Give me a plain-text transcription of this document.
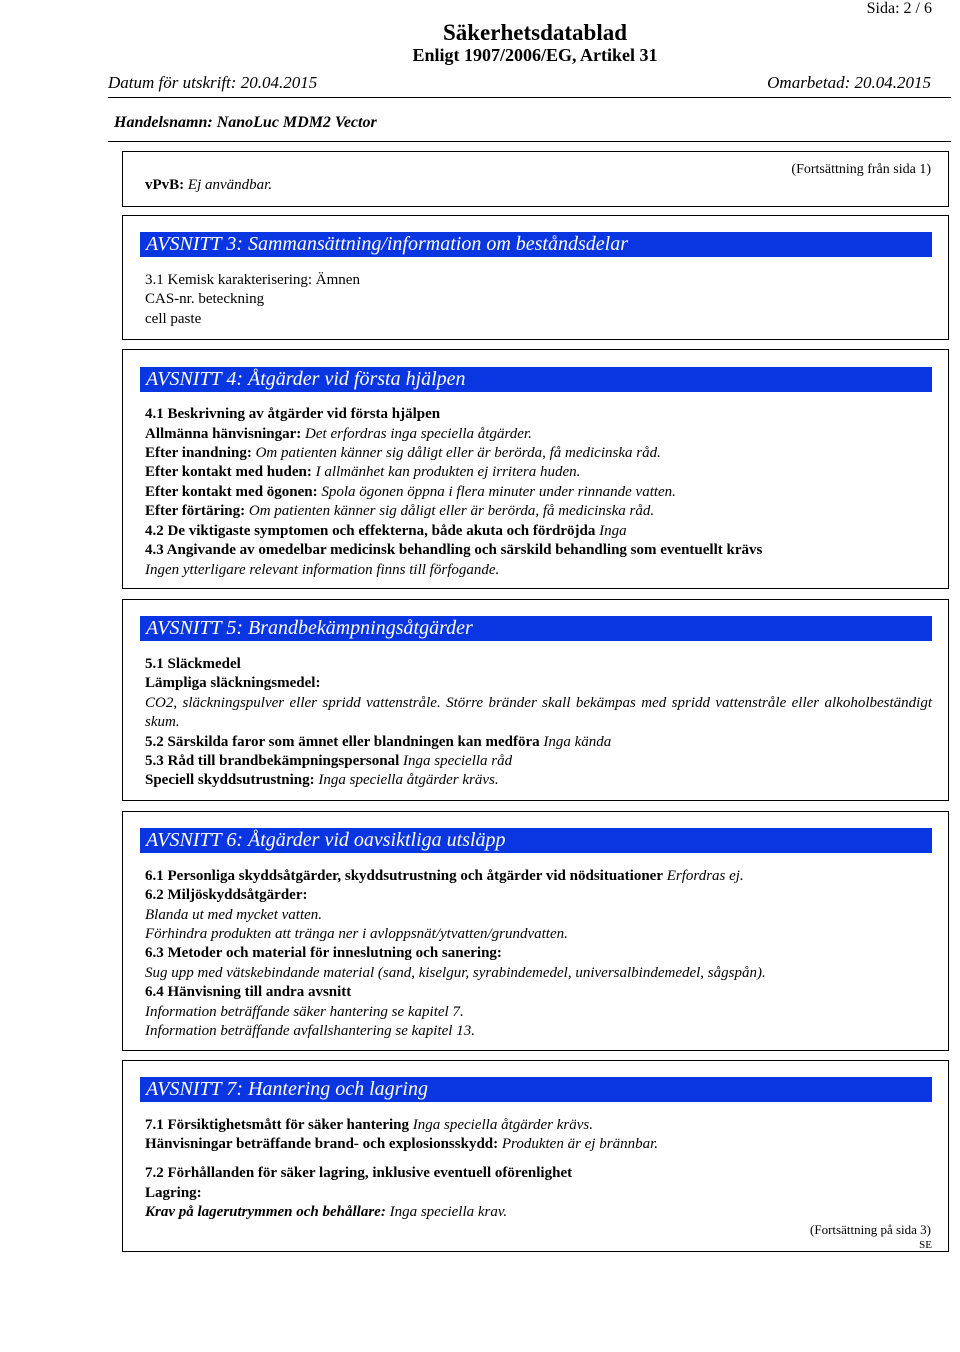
Sida: 2 / 6
Säkerhetsdatablad
Enligt 1907/2006/EG, Artikel 31
Datum för utskrift: 20.04.2015	Omarbetad: 20.04.2015
Handelsnamn: NanoLuc MDM2 Vector
(Fortsättning från sida 1)
vPvB: Ej användbar.
AVSNITT 3: Sammansättning/information om beståndsdelar
3.1 Kemisk karakterisering: Ämnen
CAS-nr. beteckning
cell paste
AVSNITT 4: Åtgärder vid första hjälpen
4.1 Beskrivning av åtgärder vid första hjälpen
Allmänna hänvisningar: Det erfordras inga speciella åtgärder.
Efter inandning: Om patienten känner sig dåligt eller är berörda, få medicinska råd.
Efter kontakt med huden: I allmänhet kan produkten ej irritera huden.
Efter kontakt med ögonen: Spola ögonen öppna i flera minuter under rinnande vatten.
Efter förtäring: Om patienten känner sig dåligt eller är berörda, få medicinska råd.
4.2 De viktigaste symptomen och effekterna, både akuta och fördröjda Inga
4.3 Angivande av omedelbar medicinsk behandling och särskild behandling som eventuellt krävs
Ingen ytterligare relevant information finns till förfogande.
AVSNITT 5: Brandbekämpningsåtgärder
5.1 Släckmedel
Lämpliga släckningsmedel:
CO2, släckningspulver eller spridd vattenstråle. Större bränder skall bekämpas med spridd vattenstråle eller alkoholbeständigt skum.
5.2 Särskilda faror som ämnet eller blandningen kan medföra Inga kända
5.3 Råd till brandbekämpningspersonal Inga speciella råd
Speciell skyddsutrustning: Inga speciella åtgärder krävs.
AVSNITT 6: Åtgärder vid oavsiktliga utsläpp
6.1 Personliga skyddsåtgärder, skyddsutrustning och åtgärder vid nödsituationer Erfordras ej.
6.2 Miljöskyddsåtgärder:
Blanda ut med mycket vatten.
Förhindra produkten att tränga ner i avloppsnät/ytvatten/grundvatten.
6.3 Metoder och material för inneslutning och sanering:
Sug upp med vätskebindande material (sand, kiselgur, syrabindemedel, universalbindemedel, sågspån).
6.4 Hänvisning till andra avsnitt
Information beträffande säker hantering se kapitel 7.
Information beträffande avfallshantering se kapitel 13.
AVSNITT 7: Hantering och lagring
7.1 Försiktighetsmått för säker hantering Inga speciella åtgärder krävs.
Hänvisningar beträffande brand- och explosionsskydd: Produkten är ej brännbar.
7.2 Förhållanden för säker lagring, inklusive eventuell oförenlighet
Lagring:
Krav på lagerutrymmen och behållare: Inga speciella krav.
(Fortsättning på sida 3)
SE
